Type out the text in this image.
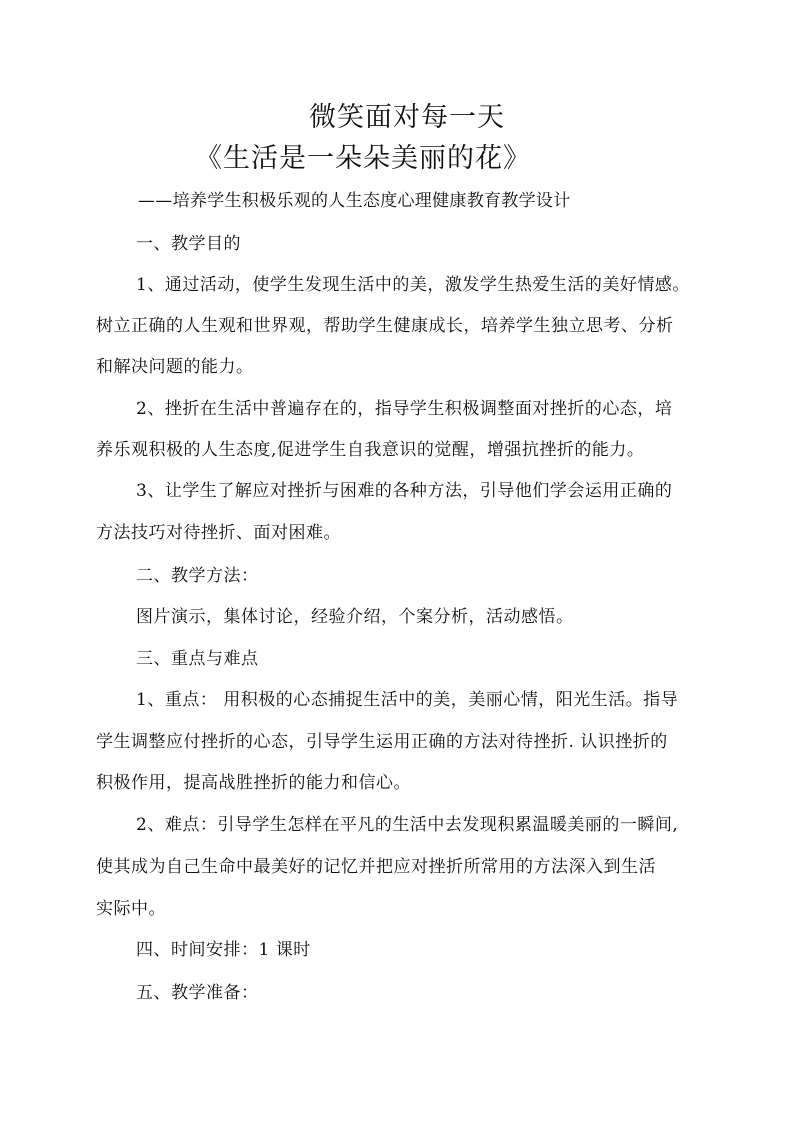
微笑面对每一天
《生活是一朵朵美丽的花》
——培养学生积极乐观的人生态度心理健康教育教学设计
一、教学目的
1、通过活动，使学生发现生活中的美，激发学生热爱生活的美好情感。
树立正确的人生观和世界观，帮助学生健康成长，培养学生独立思考、分析
和解决问题的能力。
2、挫折在生活中普遍存在的，指导学生积极调整面对挫折的心态，培
养乐观积极的人生态度,促进学生自我意识的觉醒，增强抗挫折的能力。
3、让学生了解应对挫折与困难的各种方法，引导他们学会运用正确的
方法技巧对待挫折、面对困难。
二、教学方法：
图片演示，集体讨论，经验介绍，个案分析，活动感悟。
三、重点与难点
1、重点： 用积极的心态捕捉生活中的美，美丽心情，阳光生活。指导
学生调整应付挫折的心态，引导学生运用正确的方法对待挫折. 认识挫折的
积极作用，提高战胜挫折的能力和信心。
2、难点：引导学生怎样在平凡的生活中去发现积累温暖美丽的一瞬间,
使其成为自己生命中最美好的记忆并把应对挫折所常用的方法深入到生活
实际中。
四、时间安排：1 课时
五、教学准备：
